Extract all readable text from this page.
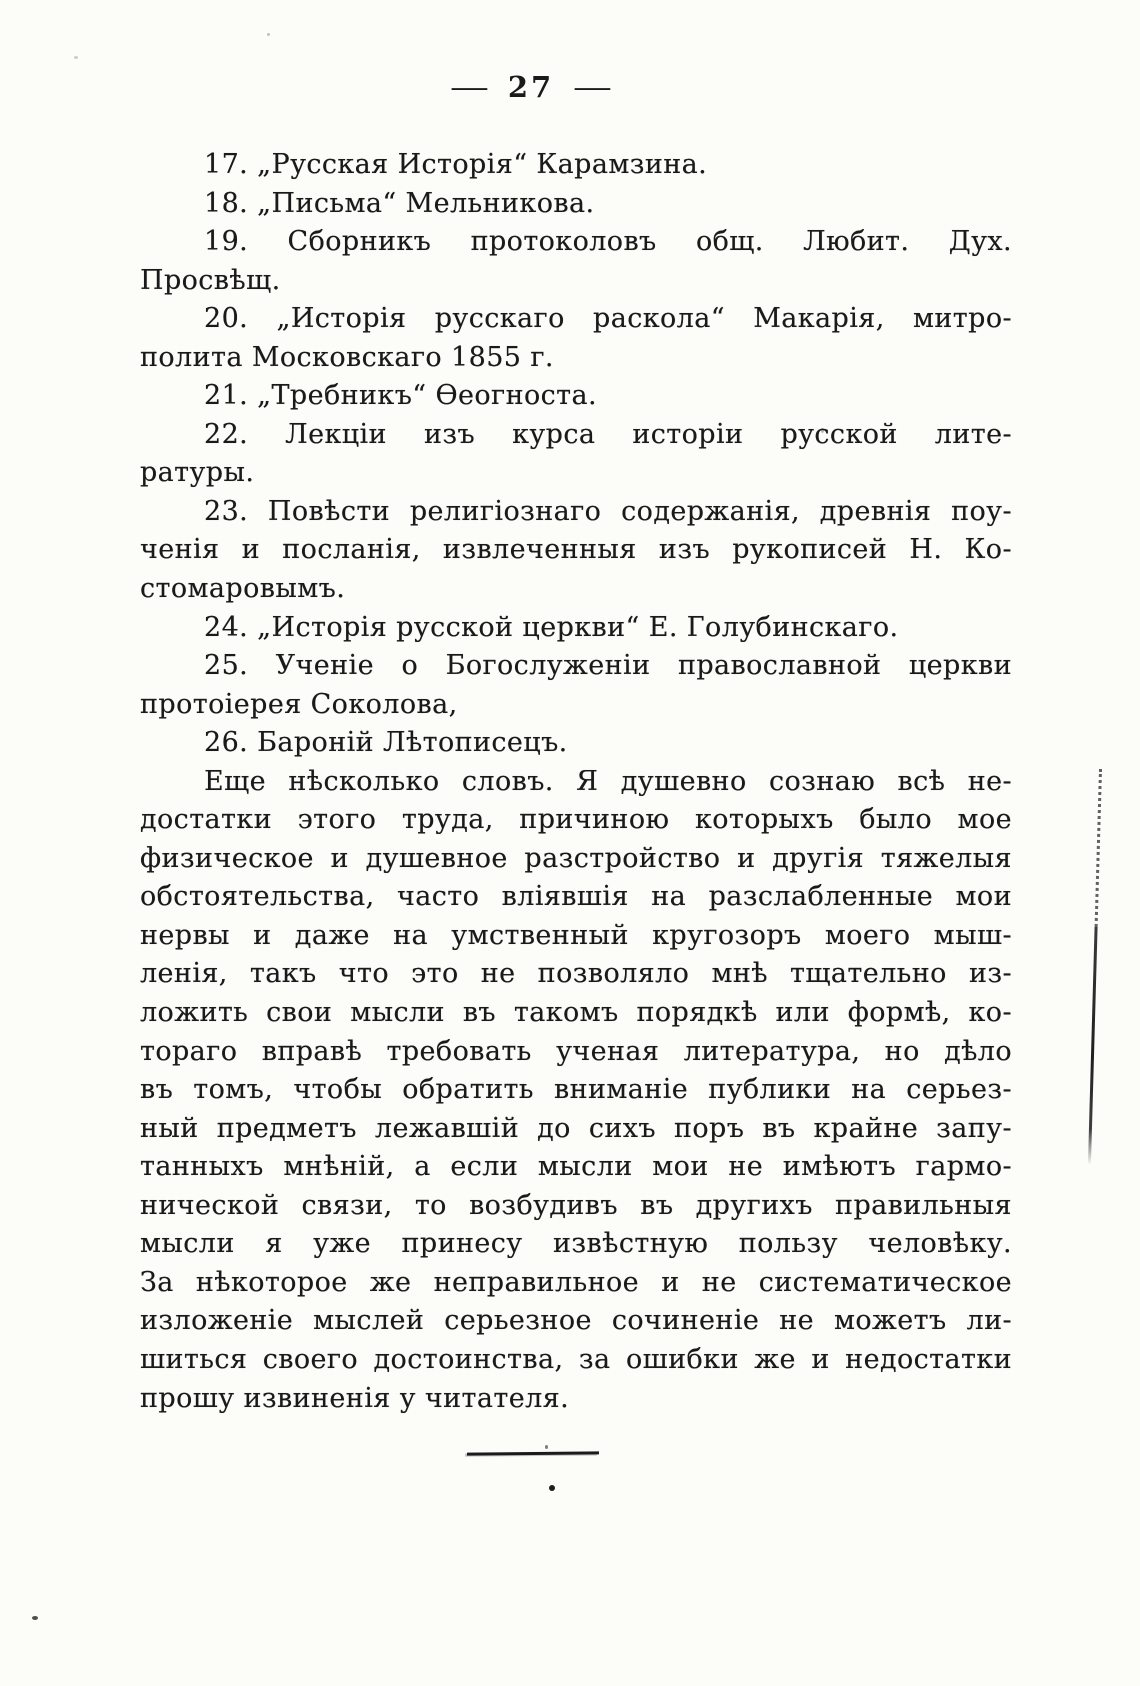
— 27 —
17. „Русская Исторія“ Карамзина.
18. „Письма“ Мельникова.
19. Сборникъ протоколовъ общ. Любит. Дух.
Просвѣщ.
20. „Исторія русскаго раскола“ Макарія, митро-
полита Московскаго 1855 г.
21. „Требникъ“ Ѳеогноста.
22. Лекціи изъ курса исторіи русской лите-
ратуры.
23. Повѣсти религіознаго содержанія, древнія поу-
ченія и посланія, извлеченныя изъ рукописей Н. Ко-
стомаровымъ.
24. „Исторія русской церкви“ Е. Голубинскаго.
25. Ученіе о Богослуженіи православной церкви
протоіерея Соколова,
26. Бароній Лѣтописецъ.
Еще нѣсколько словъ. Я душевно сознаю всѣ не-
достатки этого труда, причиною которыхъ было мое
физическое и душевное разстройство и другія тяжелыя
обстоятельства, часто вліявшія на разслабленные мои
нервы и даже на умственный кругозоръ моего мыш-
ленія, такъ что это не позволяло мнѣ тщательно из-
ложить свои мысли въ такомъ порядкѣ или формѣ, ко-
тораго вправѣ требовать ученая литература, но дѣло
въ томъ, чтобы обратить вниманіе публики на серьез-
ный предметъ лежавшій до сихъ поръ въ крайне запу-
танныхъ мнѣній, а если мысли мои не имѣютъ гармо-
нической связи, то возбудивъ въ другихъ правильныя
мысли я уже принесу извѣстную пользу человѣку.
За нѣкоторое же неправильное и не систематическое
изложеніе мыслей серьезное сочиненіе не можетъ ли-
шиться своего достоинства, за ошибки же и недостатки
прошу извиненія у читателя.
